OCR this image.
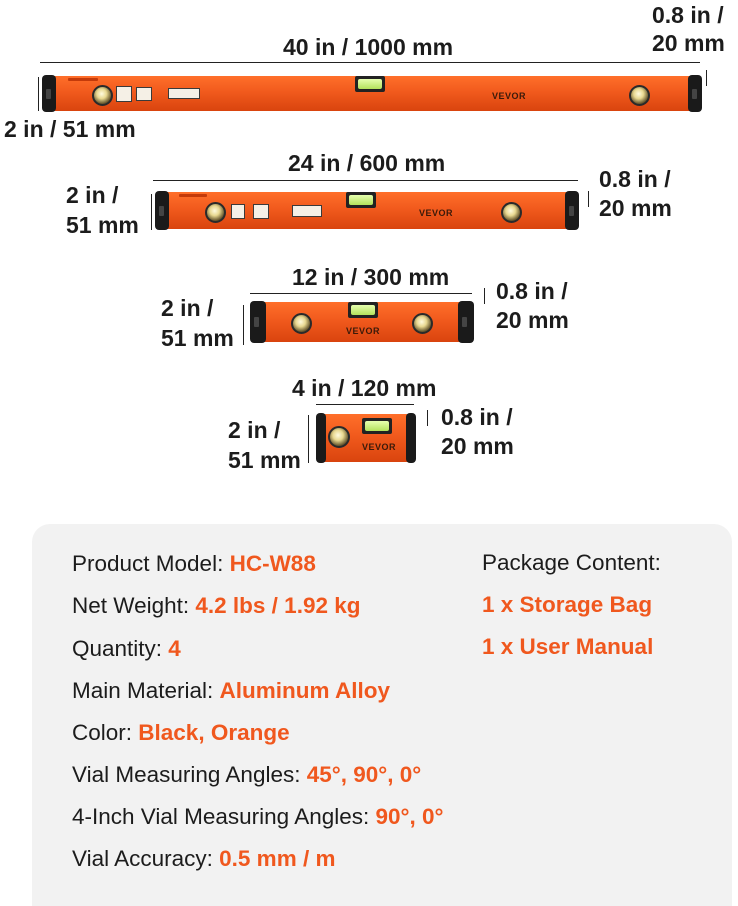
40 in / 1000 mm
0.8 in /
20 mm
2 in / 51 mm
VEVOR
24 in / 600 mm
0.8 in /
20 mm
2 in /
51 mm	VEVOR
12 in / 300 mm
0.8 in /
20 mm
2 in /
51 mm	VEVOR
4 in / 120 mm
0.8 in /
20 mm
2 in /
51 mm	VEVOR
Product Model: HC-W88
Net Weight: 4.2 lbs / 1.92 kg
Quantity: 4
Main Material: Aluminum Alloy
Color: Black, Orange
Vial Measuring Angles: 45°, 90°, 0°
4-Inch Vial Measuring Angles: 90°, 0°
Vial Accuracy: 0.5 mm / m
Package Content:
1 x Storage Bag
1 x User Manual
